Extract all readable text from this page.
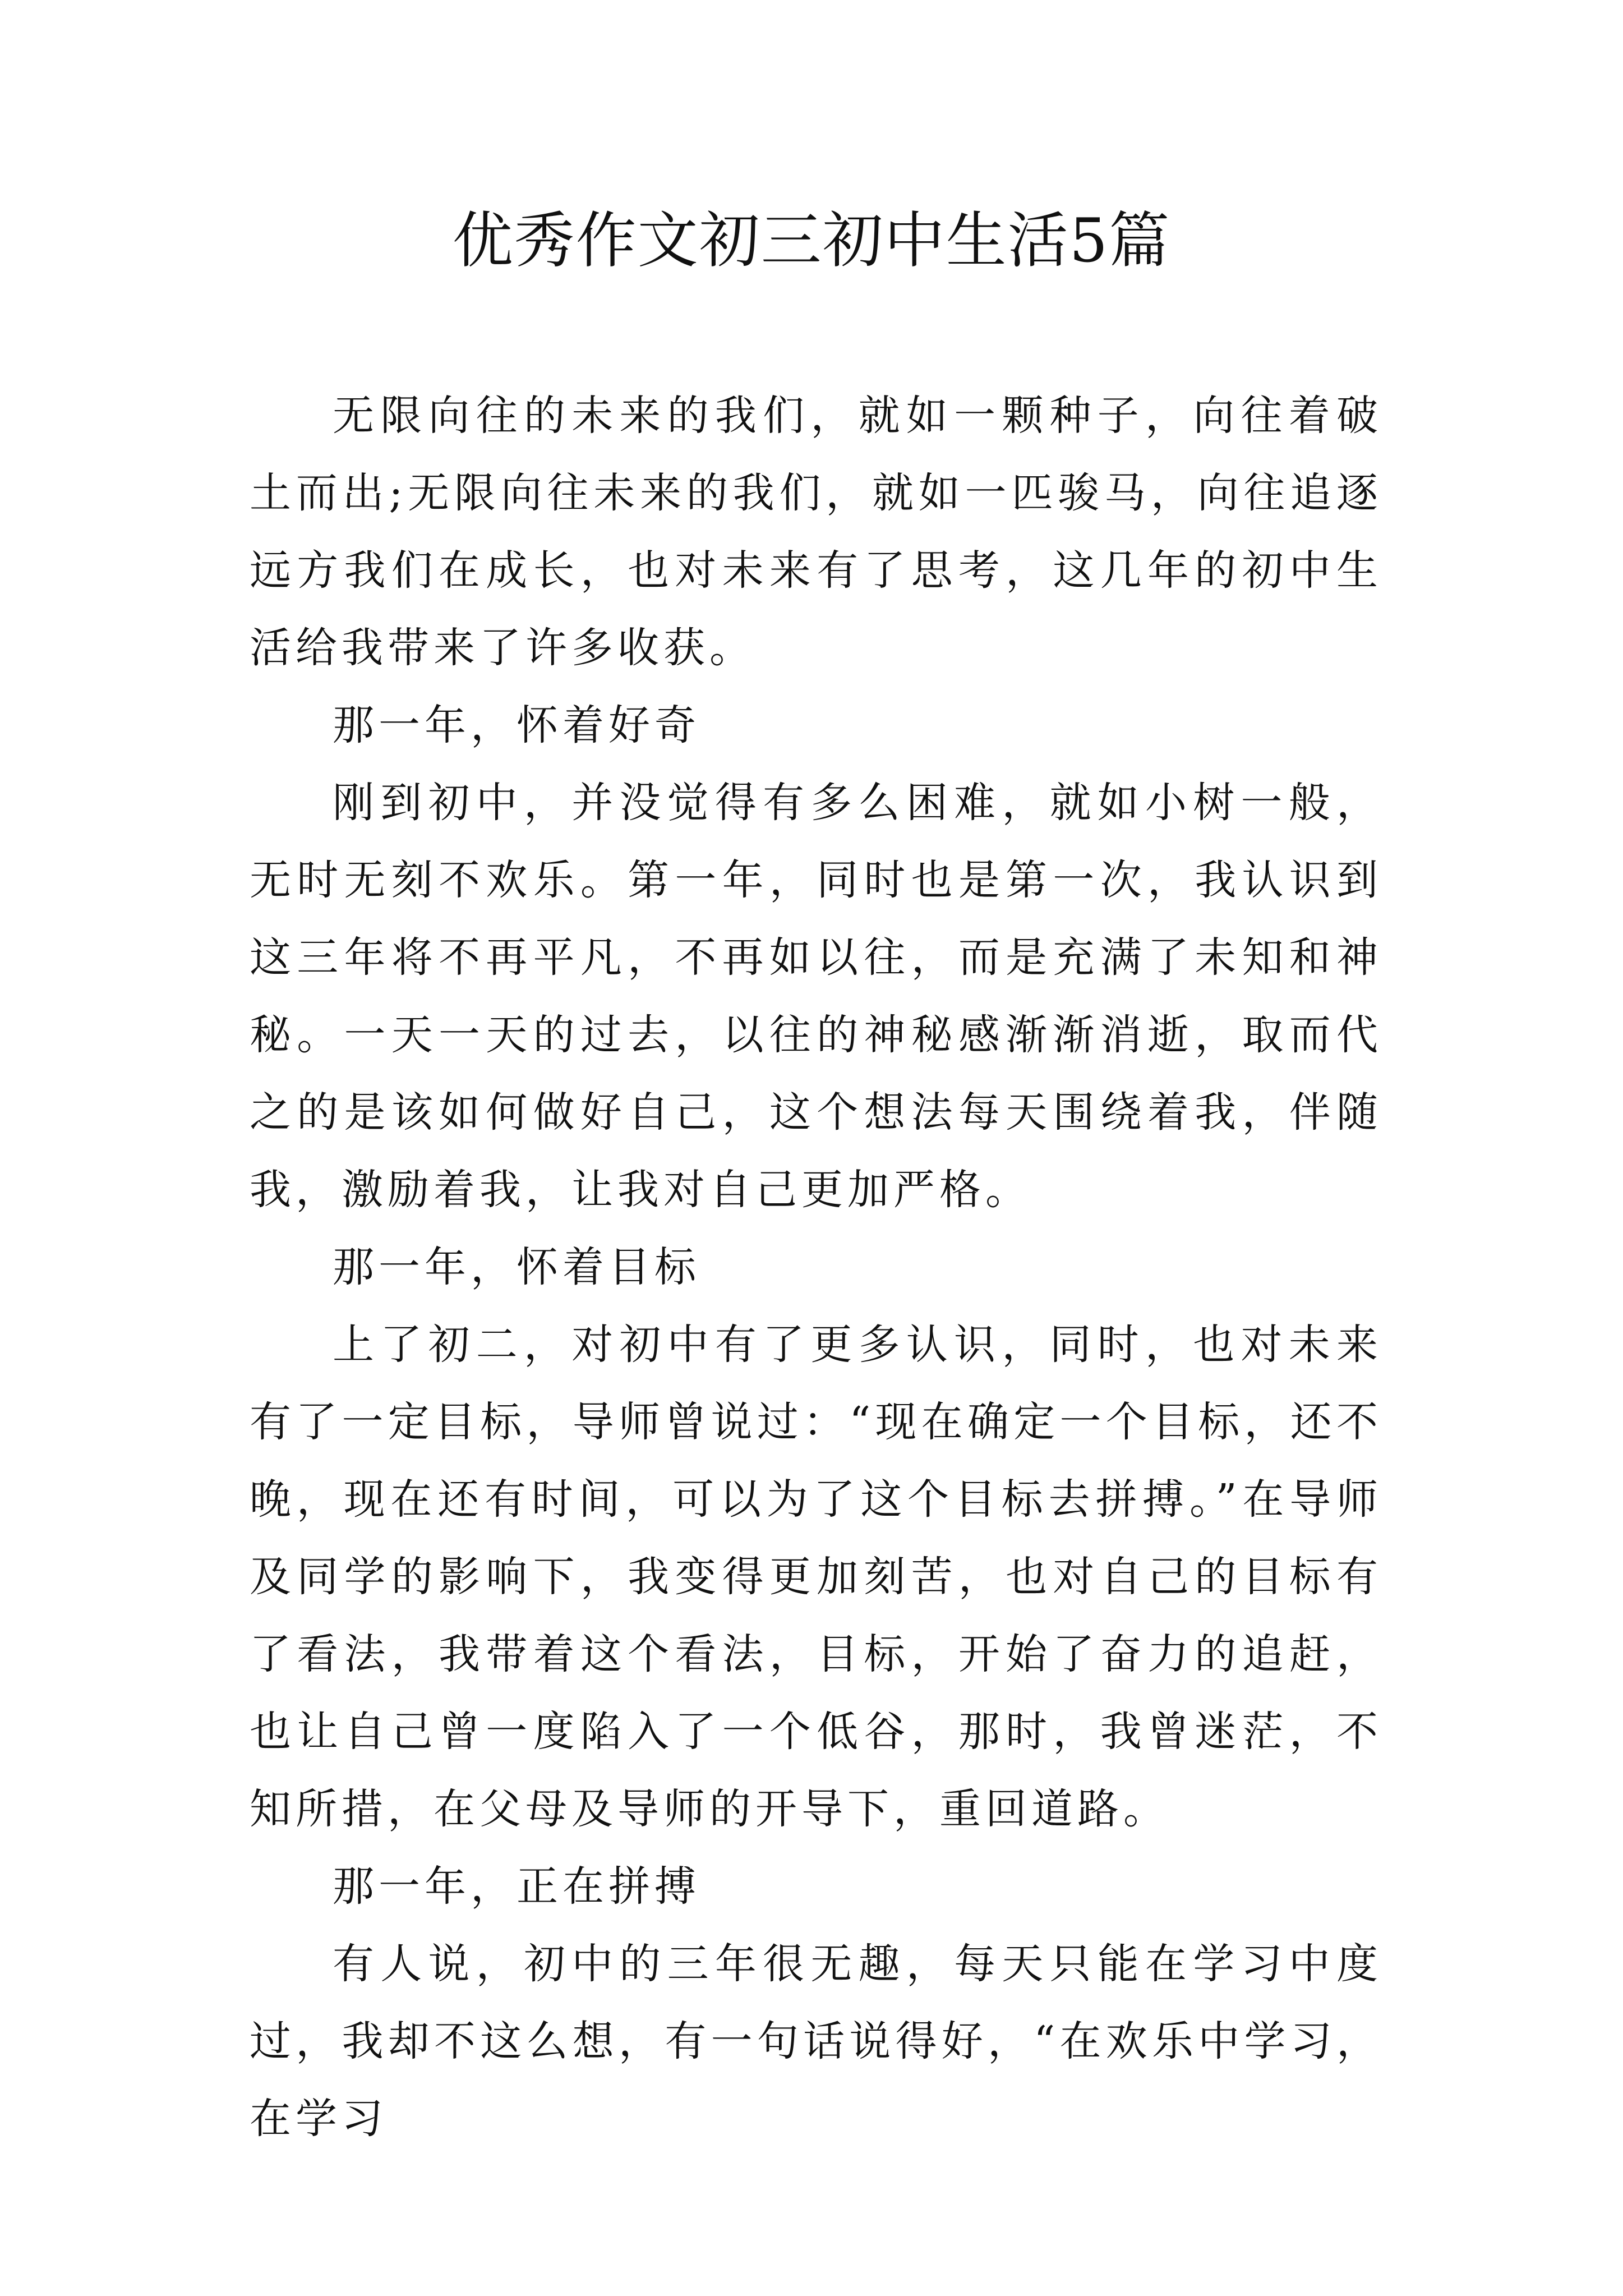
优秀作文初三初中生活5篇

无限向往的未来的我们，就如一颗种子，向往着破土而出;无限向往未来的我们，就如一匹骏马，向往追逐远方我们在成长，也对未来有了思考，这几年的初中生活给我带来了许多收获。

那一年，怀着好奇

刚到初中，并没觉得有多么困难，就如小树一般，无时无刻不欢乐。第一年，同时也是第一次，我认识到这三年将不再平凡，不再如以往，而是充满了未知和神秘。一天一天的过去，以往的神秘感渐渐消逝，取而代之的是该如何做好自己，这个想法每天围绕着我，伴随我，激励着我，让我对自己更加严格。

那一年，怀着目标

上了初二，对初中有了更多认识，同时，也对未来有了一定目标，导师曾说过：“现在确定一个目标，还不晚，现在还有时间，可以为了这个目标去拼搏。”在导师及同学的影响下，我变得更加刻苦，也对自己的目标有了看法，我带着这个看法，目标，开始了奋力的追赶，也让自己曾一度陷入了一个低谷，那时，我曾迷茫，不知所措，在父母及导师的开导下，重回道路。

那一年，正在拼搏

有人说，初中的三年很无趣，每天只能在学习中度过，我却不这么想，有一句话说得好，“在欢乐中学习，在学习
